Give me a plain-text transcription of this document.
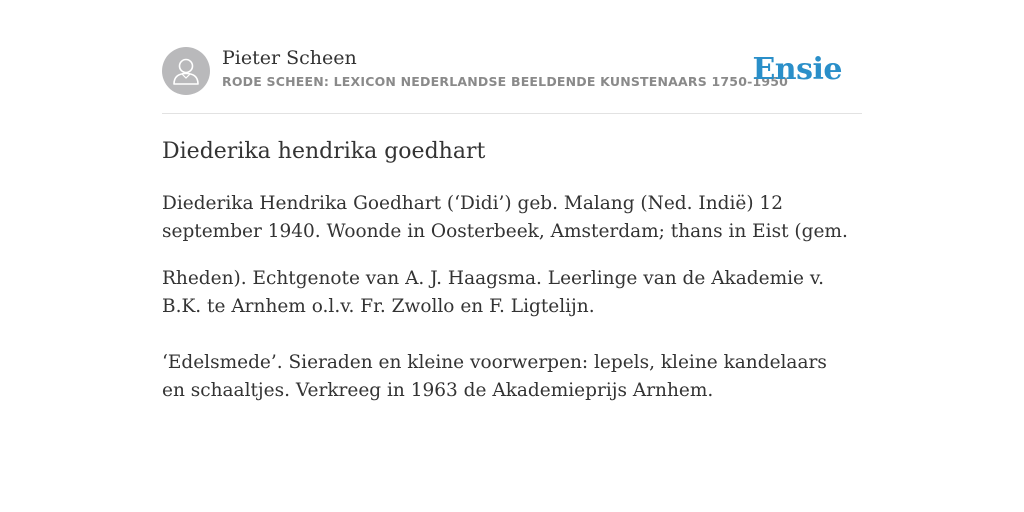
Pieter Scheen
RODE SCHEEN: LEXICON NEDERLANDSE BEELDENDE KUNSTENAARS 1750-1950
Ensie
Diederika hendrika goedhart

Diederika Hendrika Goedhart (‘Didi’) geb. Malang (Ned. Indië) 12 september 1940. Woonde in Oosterbeek, Amsterdam; thans in Eist (gem.

Rheden). Echtgenote van A. J. Haagsma. Leerlinge van de Akademie v. B.K. te Arnhem o.l.v. Fr. Zwollo en F. Ligtelijn.

‘Edelsmede’. Sieraden en kleine voorwerpen: lepels, kleine kandelaars en schaaltjes. Verkreeg in 1963 de Akademieprijs Arnhem.
